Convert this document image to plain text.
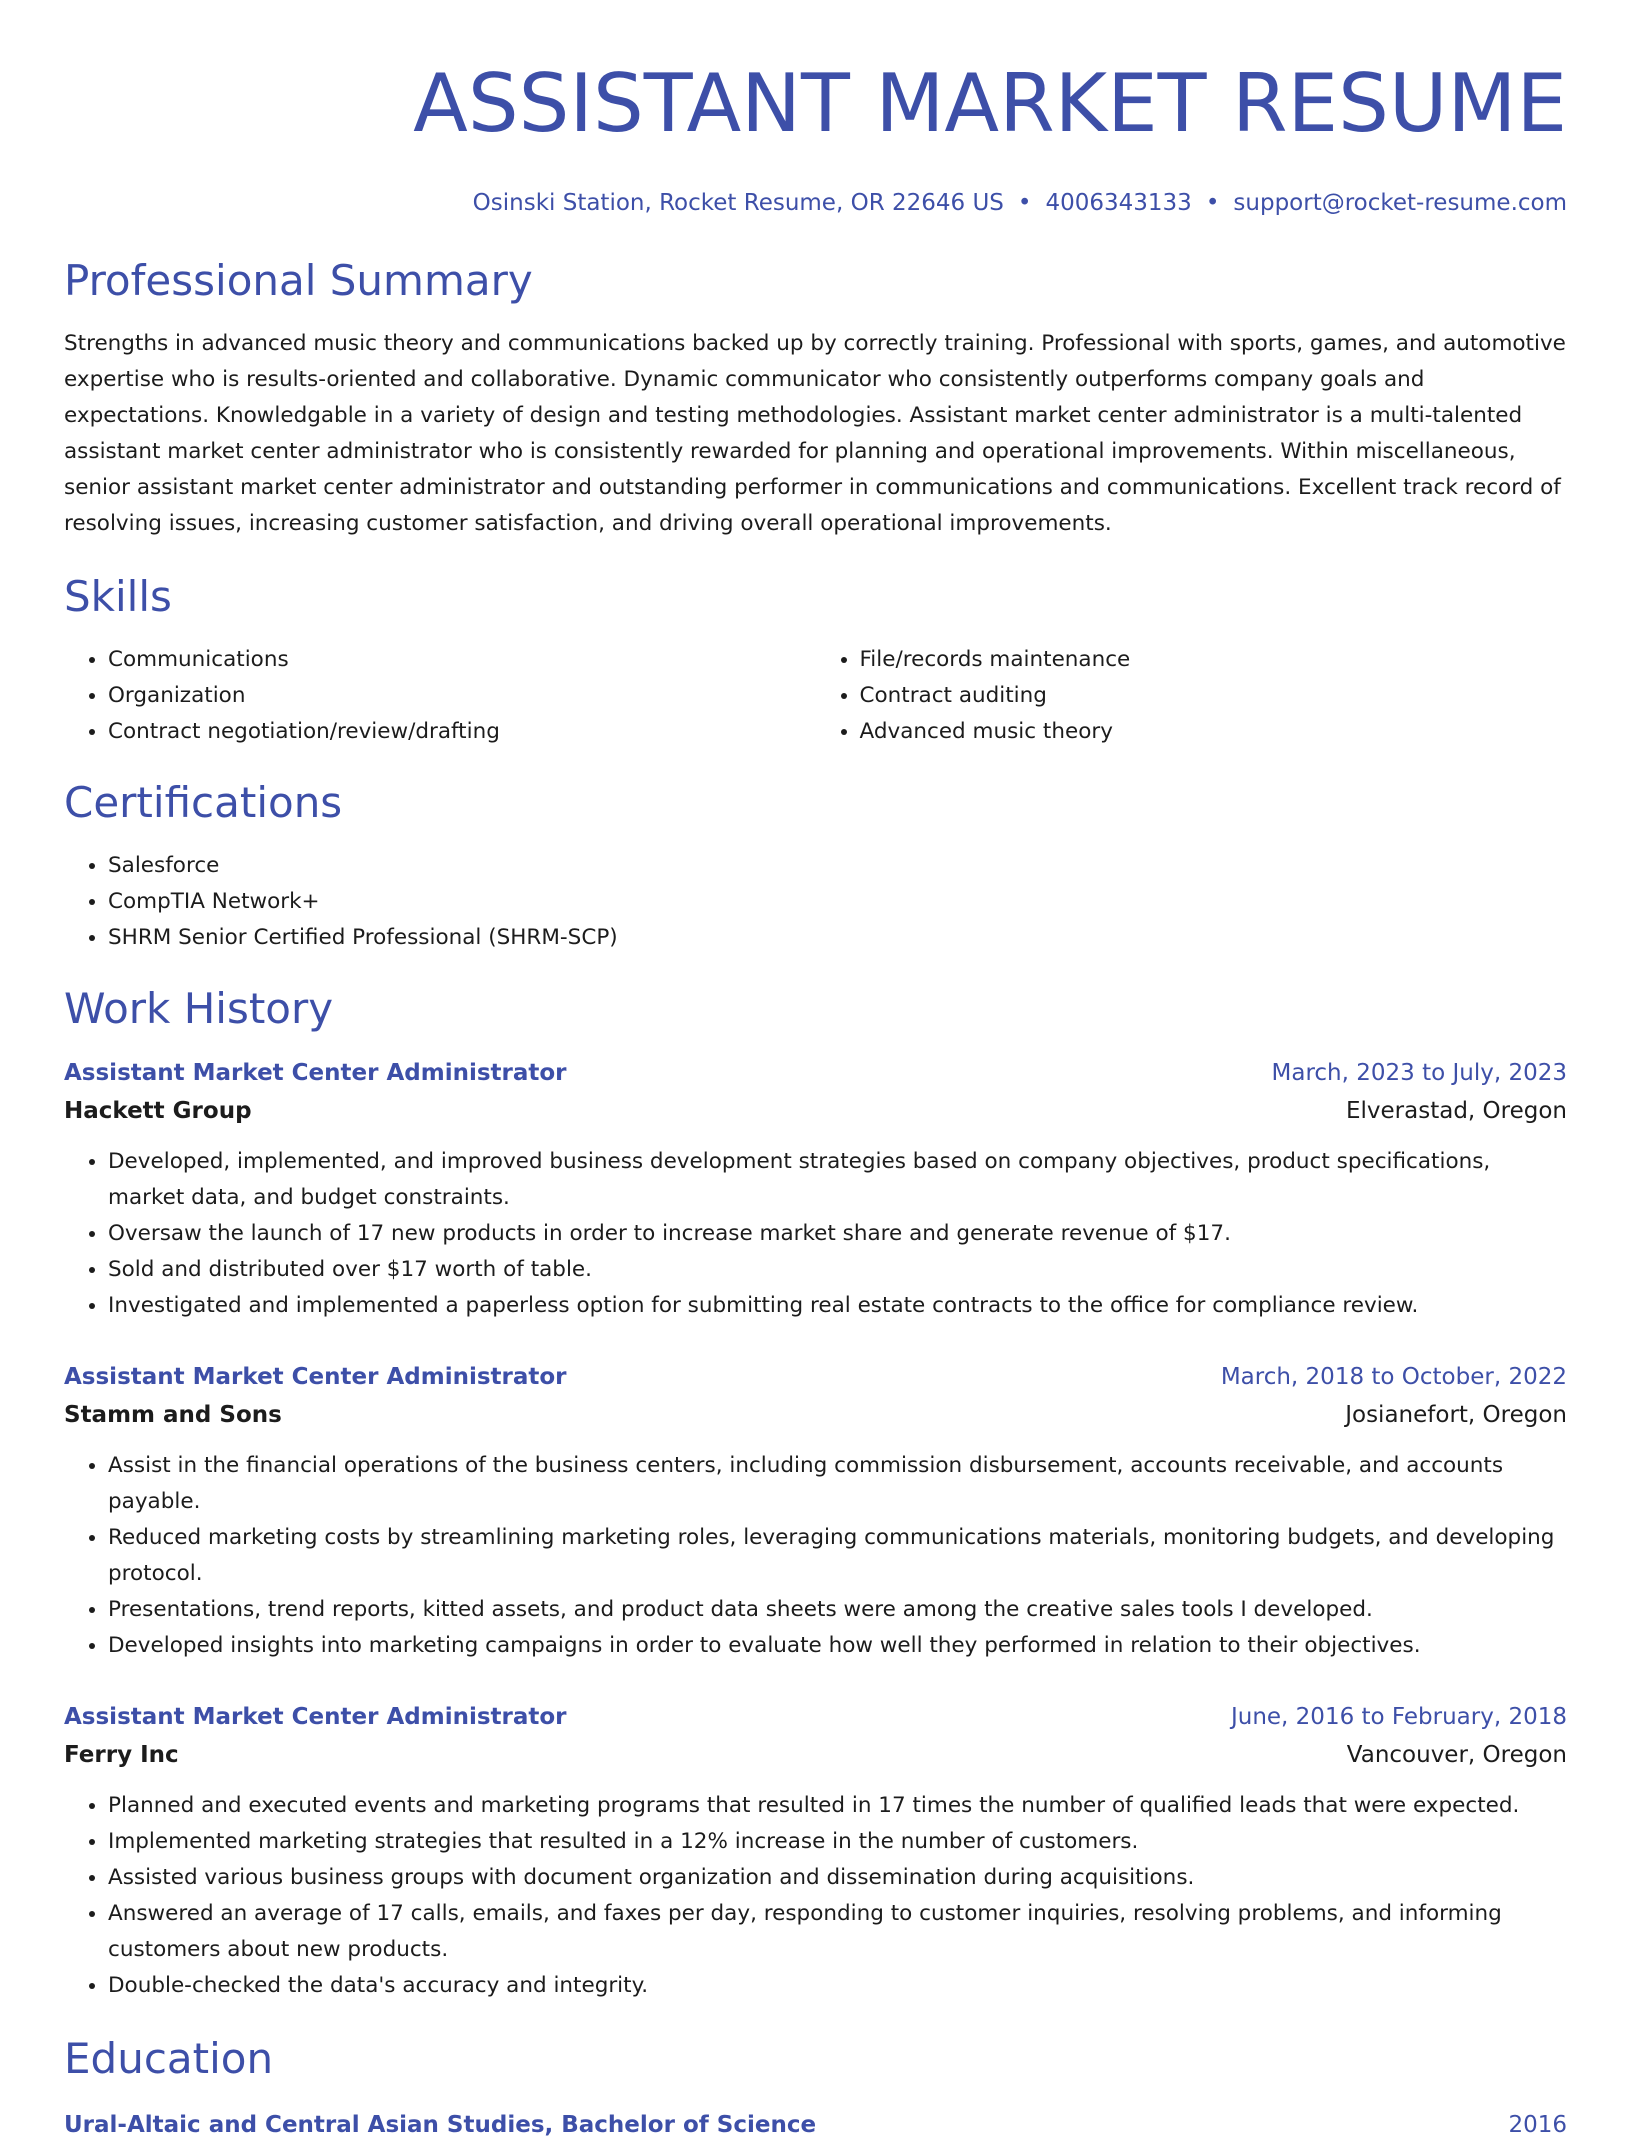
ASSISTANT MARKET RESUME
Osinski Station, Rocket Resume, OR 22646 US • 4006343133 • support@rocket-resume.com
Professional Summary
Strengths in advanced music theory and communications backed up by correctly training. Professional with sports, games, and automotive expertise who is results-oriented and collaborative. Dynamic communicator who consistently outperforms company goals and expectations. Knowledgable in a variety of design and testing methodologies. Assistant market center administrator is a multi-talented assistant market center administrator who is consistently rewarded for planning and operational improvements. Within miscellaneous, senior assistant market center administrator and outstanding performer in communications and communications. Excellent track record of resolving issues, increasing customer satisfaction, and driving overall operational improvements.
Skills
• Communications
• Organization
• Contract negotiation/review/drafting
• File/records maintenance
• Contract auditing
• Advanced music theory
Certifications
• Salesforce
• CompTIA Network+
• SHRM Senior Certified Professional (SHRM-SCP)
Work History
Assistant Market Center Administrator	March, 2023 to July, 2023
Hackett Group	Elverastad, Oregon
• Developed, implemented, and improved business development strategies based on company objectives, product specifications, market data, and budget constraints.
• Oversaw the launch of 17 new products in order to increase market share and generate revenue of $17.
• Sold and distributed over $17 worth of table.
• Investigated and implemented a paperless option for submitting real estate contracts to the office for compliance review.
Assistant Market Center Administrator	March, 2018 to October, 2022
Stamm and Sons	Josianefort, Oregon
• Assist in the financial operations of the business centers, including commission disbursement, accounts receivable, and accounts payable.
• Reduced marketing costs by streamlining marketing roles, leveraging communications materials, monitoring budgets, and developing protocol.
• Presentations, trend reports, kitted assets, and product data sheets were among the creative sales tools I developed.
• Developed insights into marketing campaigns in order to evaluate how well they performed in relation to their objectives.
Assistant Market Center Administrator	June, 2016 to February, 2018
Ferry Inc	Vancouver, Oregon
• Planned and executed events and marketing programs that resulted in 17 times the number of qualified leads that were expected.
• Implemented marketing strategies that resulted in a 12% increase in the number of customers.
• Assisted various business groups with document organization and dissemination during acquisitions.
• Answered an average of 17 calls, emails, and faxes per day, responding to customer inquiries, resolving problems, and informing customers about new products.
• Double-checked the data's accuracy and integrity.
Education
Ural-Altaic and Central Asian Studies, Bachelor of Science	2016
